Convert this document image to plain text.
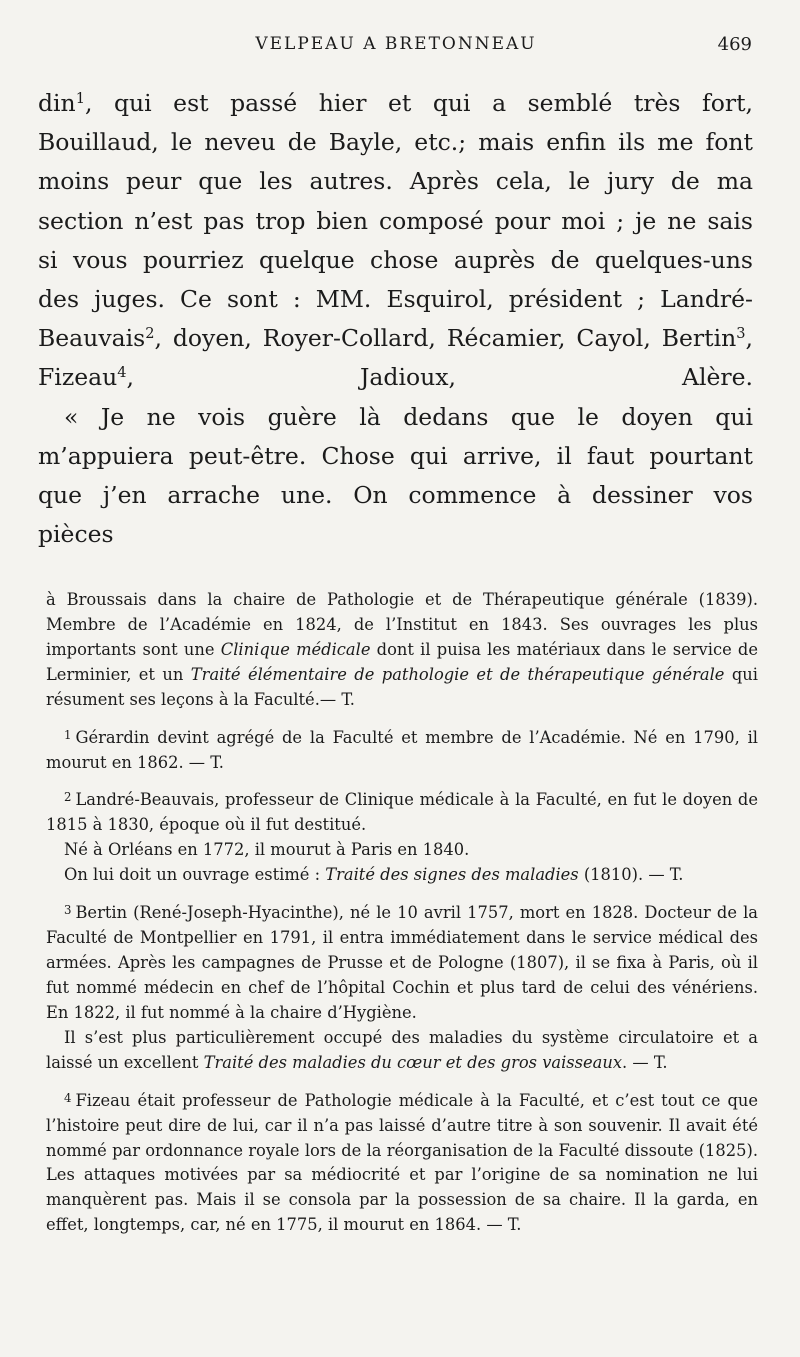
VELPEAU A BRETONNEAU	469

din$^1$, qui est passé hier et qui a semblé très fort, Bouillaud, le neveu de Bayle, etc.; mais enfin ils me font moins peur que les autres. Après cela, le jury de ma section n’est pas trop bien composé pour moi ; je ne sais si vous pourriez quelque chose auprès de quelques-uns des juges. Ce sont : MM. Esquirol, président ; Landré-Beauvais$^2$, doyen, Royer-Collard, Récamier, Cayol, Bertin$^3$, Fizeau$^4$, Jadioux, Alère.

« Je ne vois guère là dedans que le doyen qui m’appuiera peut-être. Chose qui arrive, il faut pourtant que j’en arrache une. On commence à dessiner vos pièces

à Broussais dans la chaire de Pathologie et de Thérapeutique générale (1839). Membre de l’Académie en 1824, de l’Institut en 1843. Ses ouvrages les plus importants sont une Clinique médicale dont il puisa les matériaux dans le service de Lerminier, et un Traité élémentaire de pathologie et de thérapeutique générale qui résument ses leçons à la Faculté.— T.

$^1$ Gérardin devint agrégé de la Faculté et membre de l’Académie. Né en 1790, il mourut en 1862. — T.

$^2$ Landré-Beauvais, professeur de Clinique médicale à la Faculté, en fut le doyen de 1815 à 1830, époque où il fut destitué.

Né à Orléans en 1772, il mourut à Paris en 1840.

On lui doit un ouvrage estimé : Traité des signes des maladies (1810). — T.

$^3$ Bertin (René-Joseph-Hyacinthe), né le 10 avril 1757, mort en 1828. Docteur de la Faculté de Montpellier en 1791, il entra immédiatement dans le service médical des armées. Après les campagnes de Prusse et de Pologne (1807), il se fixa à Paris, où il fut nommé médecin en chef de l’hôpital Cochin et plus tard de celui des vénériens. En 1822, il fut nommé à la chaire d’Hygiène.

Il s’est plus particulièrement occupé des maladies du système circulatoire et a laissé un excellent Traité des maladies du cœur et des gros vaisseaux. — T.

$^4$ Fizeau était professeur de Pathologie médicale à la Faculté, et c’est tout ce que l’histoire peut dire de lui, car il n’a pas laissé d’autre titre à son souvenir. Il avait été nommé par ordonnance royale lors de la réorganisation de la Faculté dissoute (1825). Les attaques motivées par sa médiocrité et par l’origine de sa nomination ne lui manquèrent pas. Mais il se consola par la possession de sa chaire. Il la garda, en effet, longtemps, car, né en 1775, il mourut en 1864. — T.
